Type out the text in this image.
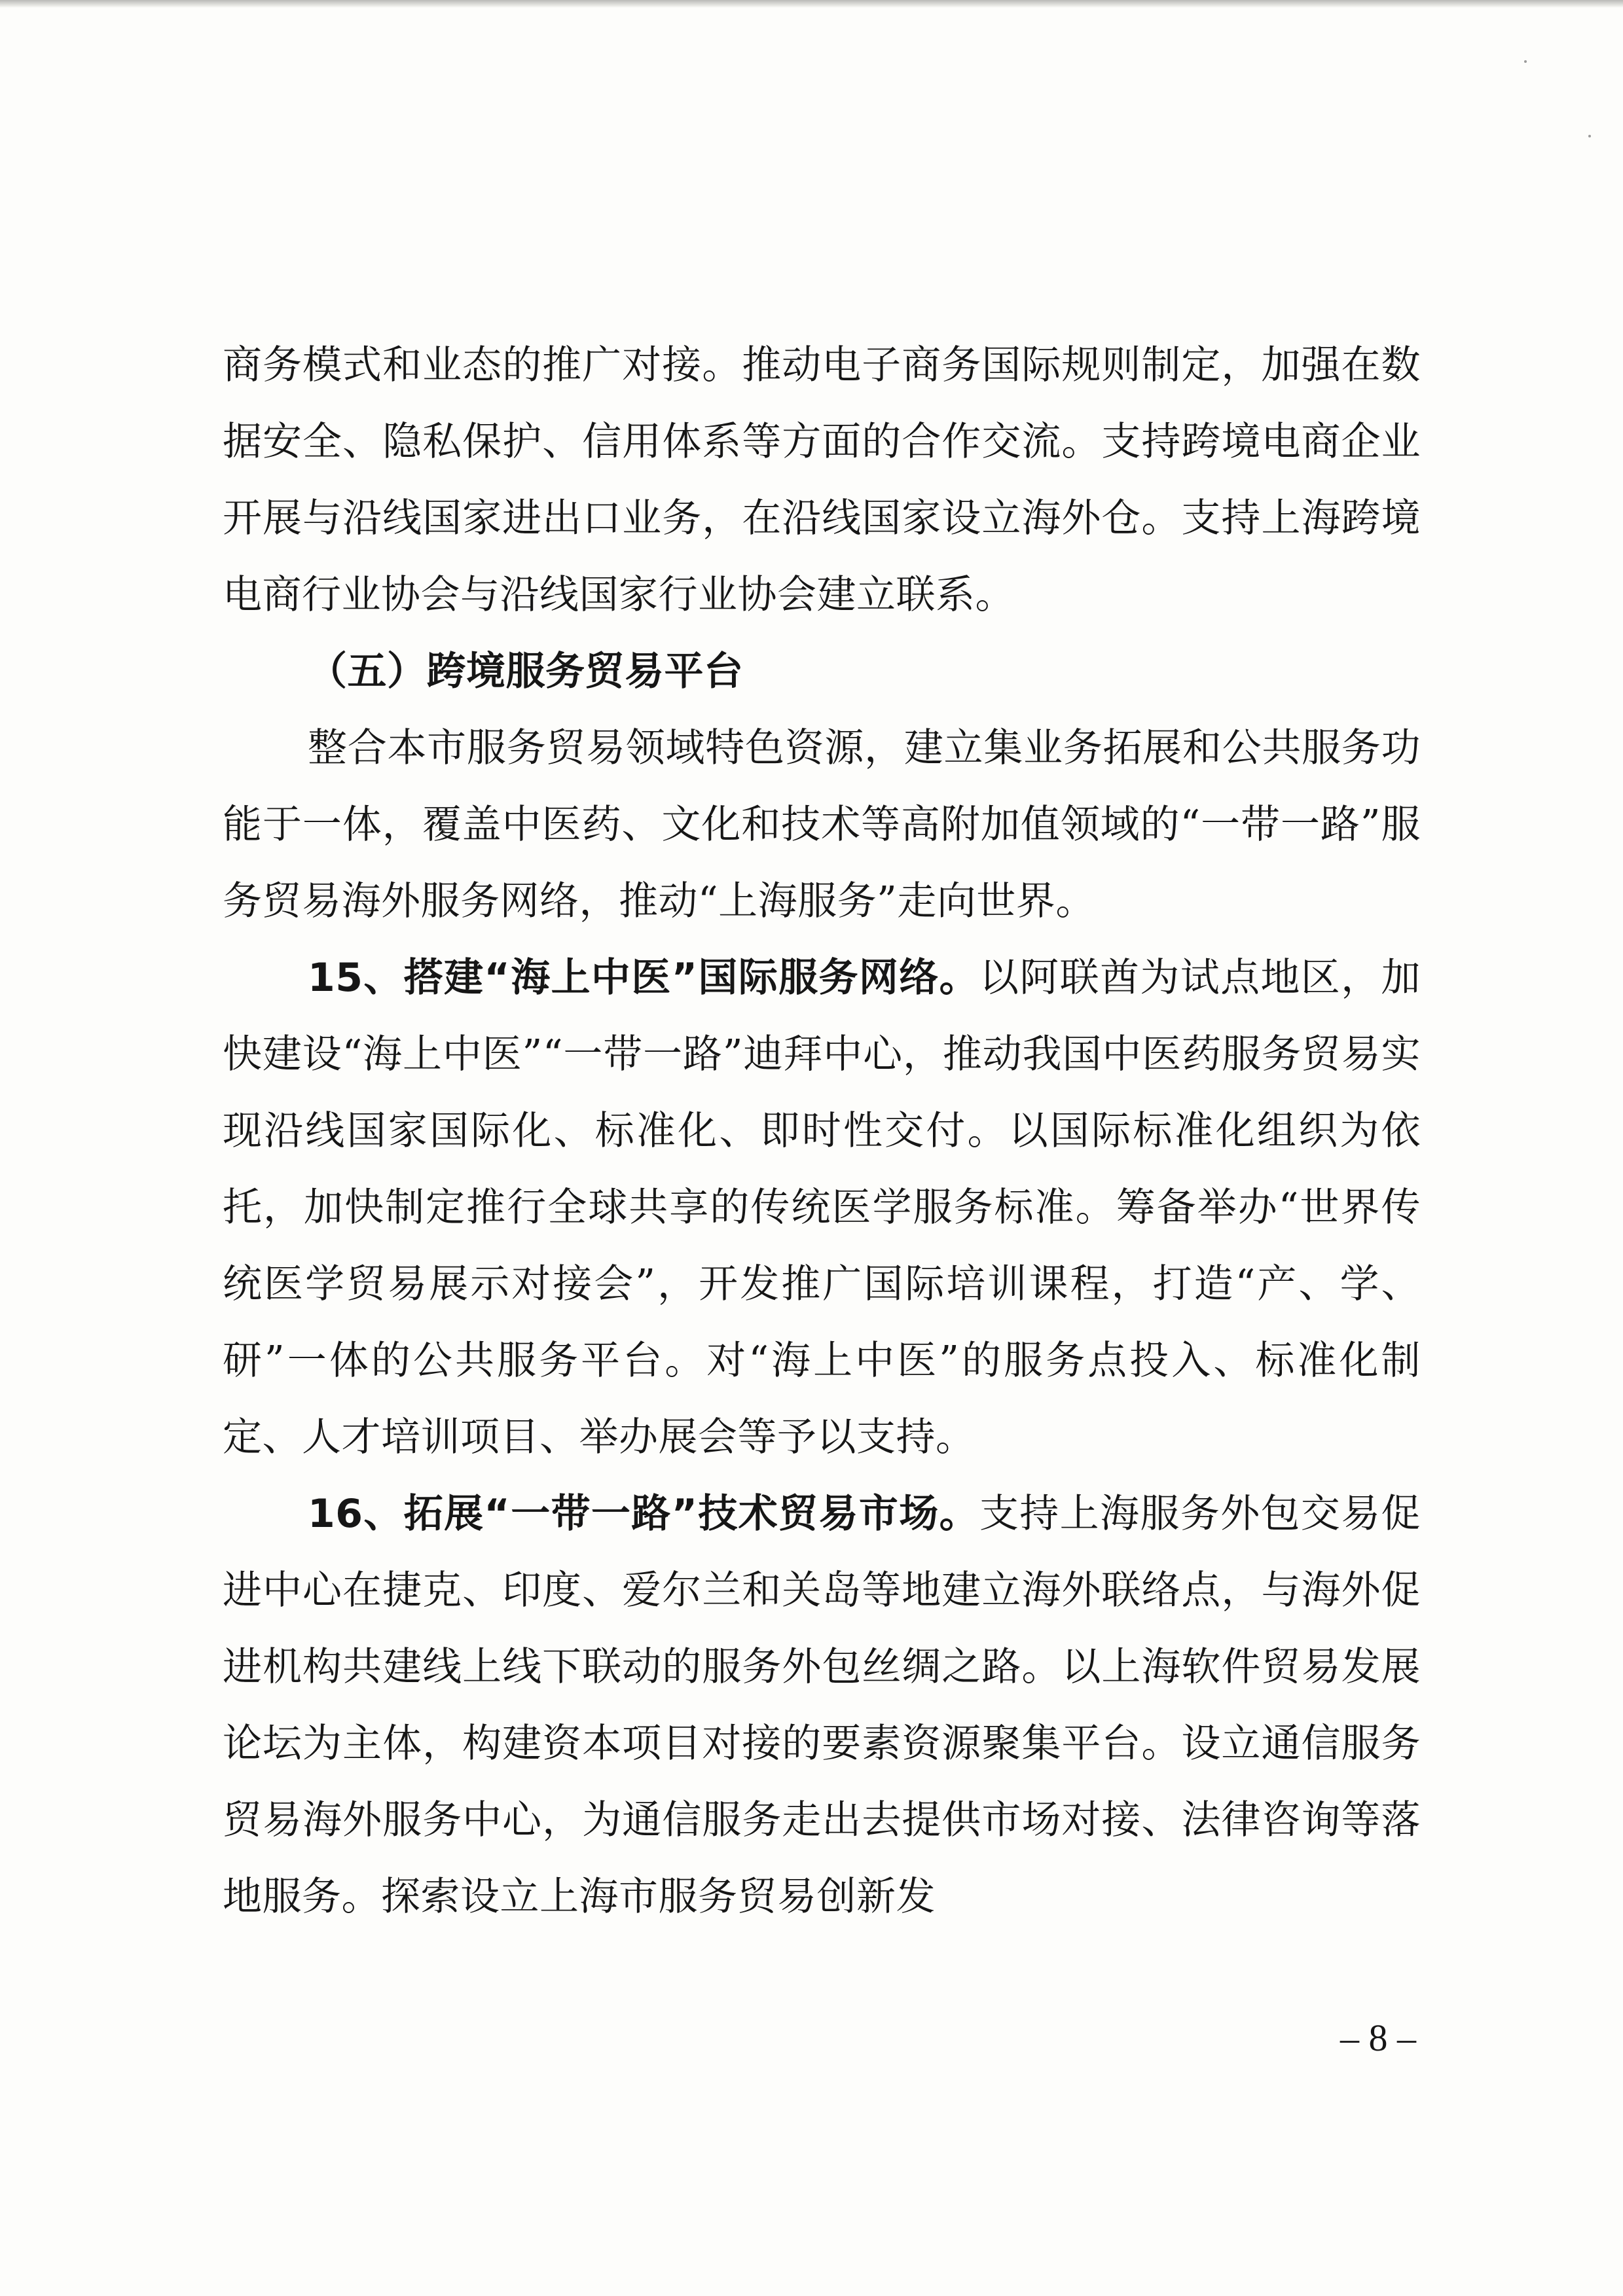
商务模式和业态的推广对接。推动电子商务国际规则制定，加强在数据安全、隐私保护、信用体系等方面的合作交流。支持跨境电商企业开展与沿线国家进出口业务，在沿线国家设立海外仓。支持上海跨境电商行业协会与沿线国家行业协会建立联系。

（五）跨境服务贸易平台

整合本市服务贸易领域特色资源，建立集业务拓展和公共服务功能于一体，覆盖中医药、文化和技术等高附加值领域的“一带一路”服务贸易海外服务网络，推动“上海服务”走向世界。

15、搭建“海上中医”国际服务网络。以阿联酋为试点地区，加快建设“海上中医”“一带一路”迪拜中心，推动我国中医药服务贸易实现沿线国家国际化、标准化、即时性交付。以国际标准化组织为依托，加快制定推行全球共享的传统医学服务标准。筹备举办“世界传统医学贸易展示对接会”，开发推广国际培训课程，打造“产、学、研”一体的公共服务平台。对“海上中医”的服务点投入、标准化制定、人才培训项目、举办展会等予以支持。

16、拓展“一带一路”技术贸易市场。支持上海服务外包交易促进中心在捷克、印度、爱尔兰和关岛等地建立海外联络点，与海外促进机构共建线上线下联动的服务外包丝绸之路。以上海软件贸易发展论坛为主体，构建资本项目对接的要素资源聚集平台。设立通信服务贸易海外服务中心，为通信服务走出去提供市场对接、法律咨询等落地服务。探索设立上海市服务贸易创新发

– 8 –
